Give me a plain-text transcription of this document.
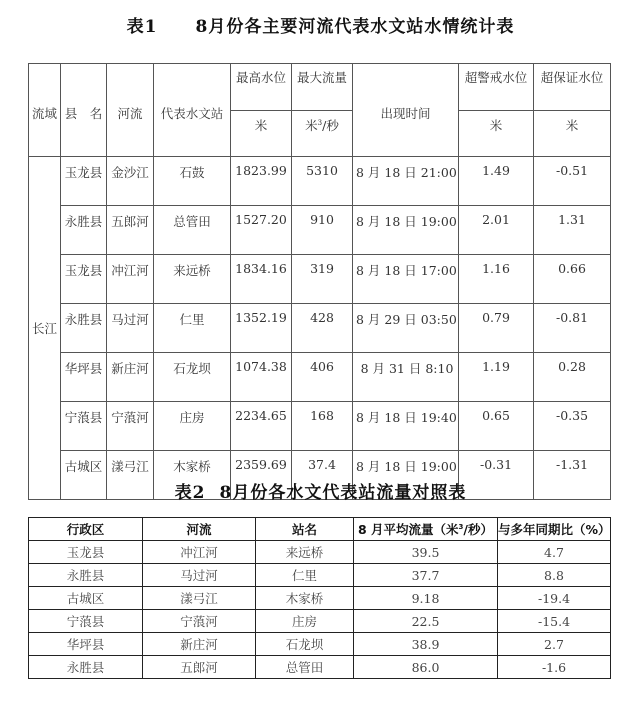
表1 8月份各主要河流代表水文站水情统计表
流域	县　名	河流	代表水文站	最高水位	最大流量	出现时间	超警戒水位	超保证水位
				米	米$^3$/秒		米	米
长江	玉龙县	金沙江	石鼓	1823.99	5310	8 月 18 日 21:00	1.49	-0.51
	永胜县	五郎河	总管田	1527.20	910	8 月 18 日 19:00	2.01	1.31
	玉龙县	冲江河	来远桥	1834.16	319	8 月 18 日 17:00	1.16	0.66
	永胜县	马过河	仁里	1352.19	428	8 月 29 日 03:50	0.79	-0.81
	华坪县	新庄河	石龙坝	1074.38	406	8 月 31 日 8:10	1.19	0.28
	宁蒗县	宁蒗河	庄房	2234.65	168	8 月 18 日 19:40	0.65	-0.35
	古城区	漾弓江	木家桥	2359.69	37.4	8 月 18 日 19:00	-0.31	-1.31
表2 8月份各水文代表站流量对照表
行政区	河流	站名	8 月平均流量（米$^3$/秒）	与多年同期比（%）
玉龙县	冲江河	来远桥	39.5	4.7
永胜县	马过河	仁里	37.7	8.8
古城区	漾弓江	木家桥	9.18	-19.4
宁蒗县	宁蒗河	庄房	22.5	-15.4
华坪县	新庄河	石龙坝	38.9	2.7
永胜县	五郎河	总管田	86.0	-1.6
